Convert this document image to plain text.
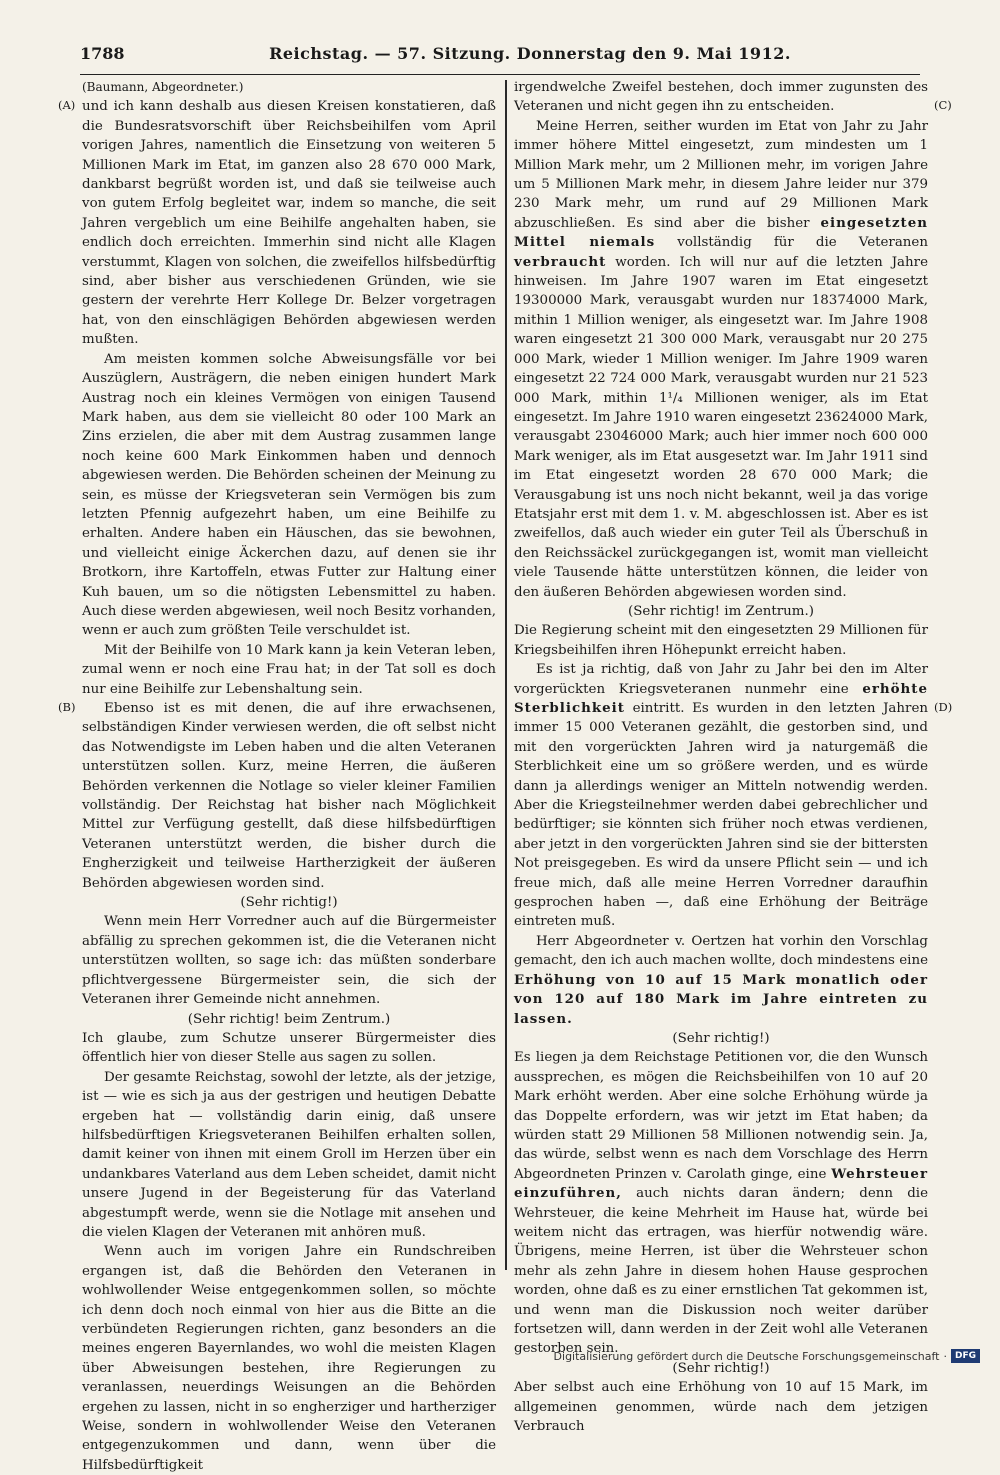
1788	Reichstag. — 57. Sitzung. Donnerstag den 9. Mai 1912.
(A)
(B)
(C)
(D)

(Baumann, Abgeordneter.)

und ich kann deshalb aus diesen Kreisen konstatieren, daß die Bundesratsvorschift über Reichsbeihilfen vom April vorigen Jahres, namentlich die Einsetzung von weiteren 5 Millionen Mark im Etat, im ganzen also 28 670 000 Mark, dankbarst begrüßt worden ist, und daß sie teilweise auch von gutem Erfolg begleitet war, indem so manche, die seit Jahren vergeblich um eine Beihilfe angehalten haben, sie endlich doch erreichten. Immerhin sind nicht alle Klagen verstummt, Klagen von solchen, die zweifellos hilfsbedürftig sind, aber bisher aus verschiedenen Gründen, wie sie gestern der verehrte Herr Kollege Dr. Belzer vorgetragen hat, von den einschlägigen Behörden abgewiesen werden mußten.

Am meisten kommen solche Abweisungsfälle vor bei Auszüglern, Austrägern, die neben einigen hundert Mark Austrag noch ein kleines Vermögen von einigen Tausend Mark haben, aus dem sie vielleicht 80 oder 100 Mark an Zins erzielen, die aber mit dem Austrag zusammen lange noch keine 600 Mark Einkommen haben und dennoch abgewiesen werden. Die Behörden scheinen der Meinung zu sein, es müsse der Kriegsveteran sein Vermögen bis zum letzten Pfennig aufgezehrt haben, um eine Beihilfe zu erhalten. Andere haben ein Häuschen, das sie bewohnen, und vielleicht einige Äckerchen dazu, auf denen sie ihr Brotkorn, ihre Kartoffeln, etwas Futter zur Haltung einer Kuh bauen, um so die nötigsten Lebensmittel zu haben. Auch diese werden abgewiesen, weil noch Besitz vorhanden, wenn er auch zum größten Teile verschuldet ist.

Mit der Beihilfe von 10 Mark kann ja kein Veteran leben, zumal wenn er noch eine Frau hat; in der Tat soll es doch nur eine Beihilfe zur Lebenshaltung sein.

Ebenso ist es mit denen, die auf ihre erwachsenen, selbständigen Kinder verwiesen werden, die oft selbst nicht das Notwendigste im Leben haben und die alten Veteranen unterstützen sollen. Kurz, meine Herren, die äußeren Behörden verkennen die Notlage so vieler kleiner Familien vollständig. Der Reichstag hat bisher nach Möglichkeit Mittel zur Verfügung gestellt, daß diese hilfsbedürftigen Veteranen unterstützt werden, die bisher durch die Engherzigkeit und teilweise Hartherzigkeit der äußeren Behörden abgewiesen worden sind.

(Sehr richtig!)

Wenn mein Herr Vorredner auch auf die Bürgermeister abfällig zu sprechen gekommen ist, die die Veteranen nicht unterstützen wollten, so sage ich: das müßten sonderbare pflichtvergessene Bürgermeister sein, die sich der Veteranen ihrer Gemeinde nicht annehmen.

(Sehr richtig! beim Zentrum.)

Ich glaube, zum Schutze unserer Bürgermeister dies öffentlich hier von dieser Stelle aus sagen zu sollen.

Der gesamte Reichstag, sowohl der letzte, als der jetzige, ist — wie es sich ja aus der gestrigen und heutigen Debatte ergeben hat — vollständig darin einig, daß unsere hilfsbedürftigen Kriegsveteranen Beihilfen erhalten sollen, damit keiner von ihnen mit einem Groll im Herzen über ein undankbares Vaterland aus dem Leben scheidet, damit nicht unsere Jugend in der Begeisterung für das Vaterland abgestumpft werde, wenn sie die Notlage mit ansehen und die vielen Klagen der Veteranen mit anhören muß.

Wenn auch im vorigen Jahre ein Rundschreiben ergangen ist, daß die Behörden den Veteranen in wohlwollender Weise entgegenkommen sollen, so möchte ich denn doch noch einmal von hier aus die Bitte an die verbündeten Regierungen richten, ganz besonders an die meines engeren Bayernlandes, wo wohl die meisten Klagen über Abweisungen bestehen, ihre Regierungen zu veranlassen, neuerdings Weisungen an die Behörden ergehen zu lassen, nicht in so engherziger und hartherziger Weise, sondern in wohlwollender Weise den Veteranen entgegenzukommen und dann, wenn über die Hilfsbedürftigkeit

irgendwelche Zweifel bestehen, doch immer zugunsten des Veteranen und nicht gegen ihn zu entscheiden.

Meine Herren, seither wurden im Etat von Jahr zu Jahr immer höhere Mittel eingesetzt, zum mindesten um 1 Million Mark mehr, um 2 Millionen mehr, im vorigen Jahre um 5 Millionen Mark mehr, in diesem Jahre leider nur 379 230 Mark mehr, um rund auf 29 Millionen Mark abzuschließen. Es sind aber die bisher eingesetzten Mittel niemals vollständig für die Veteranen verbraucht worden. Ich will nur auf die letzten Jahre hinweisen. Im Jahre 1907 waren im Etat eingesetzt 19300000 Mark, verausgabt wurden nur 18374000 Mark, mithin 1 Million weniger, als eingesetzt war. Im Jahre 1908 waren eingesetzt 21 300 000 Mark, verausgabt nur 20 275 000 Mark, wieder 1 Million weniger. Im Jahre 1909 waren eingesetzt 22 724 000 Mark, verausgabt wurden nur 21 523 000 Mark, mithin 1¹/₄ Millionen weniger, als im Etat eingesetzt. Im Jahre 1910 waren eingesetzt 23624000 Mark, verausgabt 23046000 Mark; auch hier immer noch 600 000 Mark weniger, als im Etat ausgesetzt war. Im Jahr 1911 sind im Etat eingesetzt worden 28 670 000 Mark; die Verausgabung ist uns noch nicht bekannt, weil ja das vorige Etatsjahr erst mit dem 1. v. M. abgeschlossen ist. Aber es ist zweifellos, daß auch wieder ein guter Teil als Überschuß in den Reichssäckel zurückgegangen ist, womit man vielleicht viele Tausende hätte unterstützen können, die leider von den äußeren Behörden abgewiesen worden sind.

(Sehr richtig! im Zentrum.)

Die Regierung scheint mit den eingesetzten 29 Millionen für Kriegsbeihilfen ihren Höhepunkt erreicht haben.

Es ist ja richtig, daß von Jahr zu Jahr bei den im Alter vorgerückten Kriegsveteranen nunmehr eine erhöhte Sterblichkeit eintritt. Es wurden in den letzten Jahren immer 15 000 Veteranen gezählt, die gestorben sind, und mit den vorgerückten Jahren wird ja naturgemäß die Sterblichkeit eine um so größere werden, und es würde dann ja allerdings weniger an Mitteln notwendig werden. Aber die Kriegsteilnehmer werden dabei gebrechlicher und bedürftiger; sie könnten sich früher noch etwas verdienen, aber jetzt in den vorgerückten Jahren sind sie der bittersten Not preisgegeben. Es wird da unsere Pflicht sein — und ich freue mich, daß alle meine Herren Vorredner daraufhin gesprochen haben —, daß eine Erhöhung der Beiträge eintreten muß.

Herr Abgeordneter v. Oertzen hat vorhin den Vorschlag gemacht, den ich auch machen wollte, doch mindestens eine Erhöhung von 10 auf 15 Mark monatlich oder von 120 auf 180 Mark im Jahre eintreten zu lassen.

(Sehr richtig!)

Es liegen ja dem Reichstage Petitionen vor, die den Wunsch aussprechen, es mögen die Reichsbeihilfen von 10 auf 20 Mark erhöht werden. Aber eine solche Erhöhung würde ja das Doppelte erfordern, was wir jetzt im Etat haben; da würden statt 29 Millionen 58 Millionen notwendig sein. Ja, das würde, selbst wenn es nach dem Vorschlage des Herrn Abgeordneten Prinzen v. Carolath ginge, eine Wehrsteuer einzuführen, auch nichts daran ändern; denn die Wehrsteuer, die keine Mehrheit im Hause hat, würde bei weitem nicht das ertragen, was hierfür notwendig wäre. Übrigens, meine Herren, ist über die Wehrsteuer schon mehr als zehn Jahre in diesem hohen Hause gesprochen worden, ohne daß es zu einer ernstlichen Tat gekommen ist, und wenn man die Diskussion noch weiter darüber fortsetzen will, dann werden in der Zeit wohl alle Veteranen gestorben sein.

(Sehr richtig!)

Aber selbst auch eine Erhöhung von 10 auf 15 Mark, im allgemeinen genommen, würde nach dem jetzigen Verbrauch

Digitalisierung gefördert durch die Deutsche Forschungsgemeinschaft · DFG
